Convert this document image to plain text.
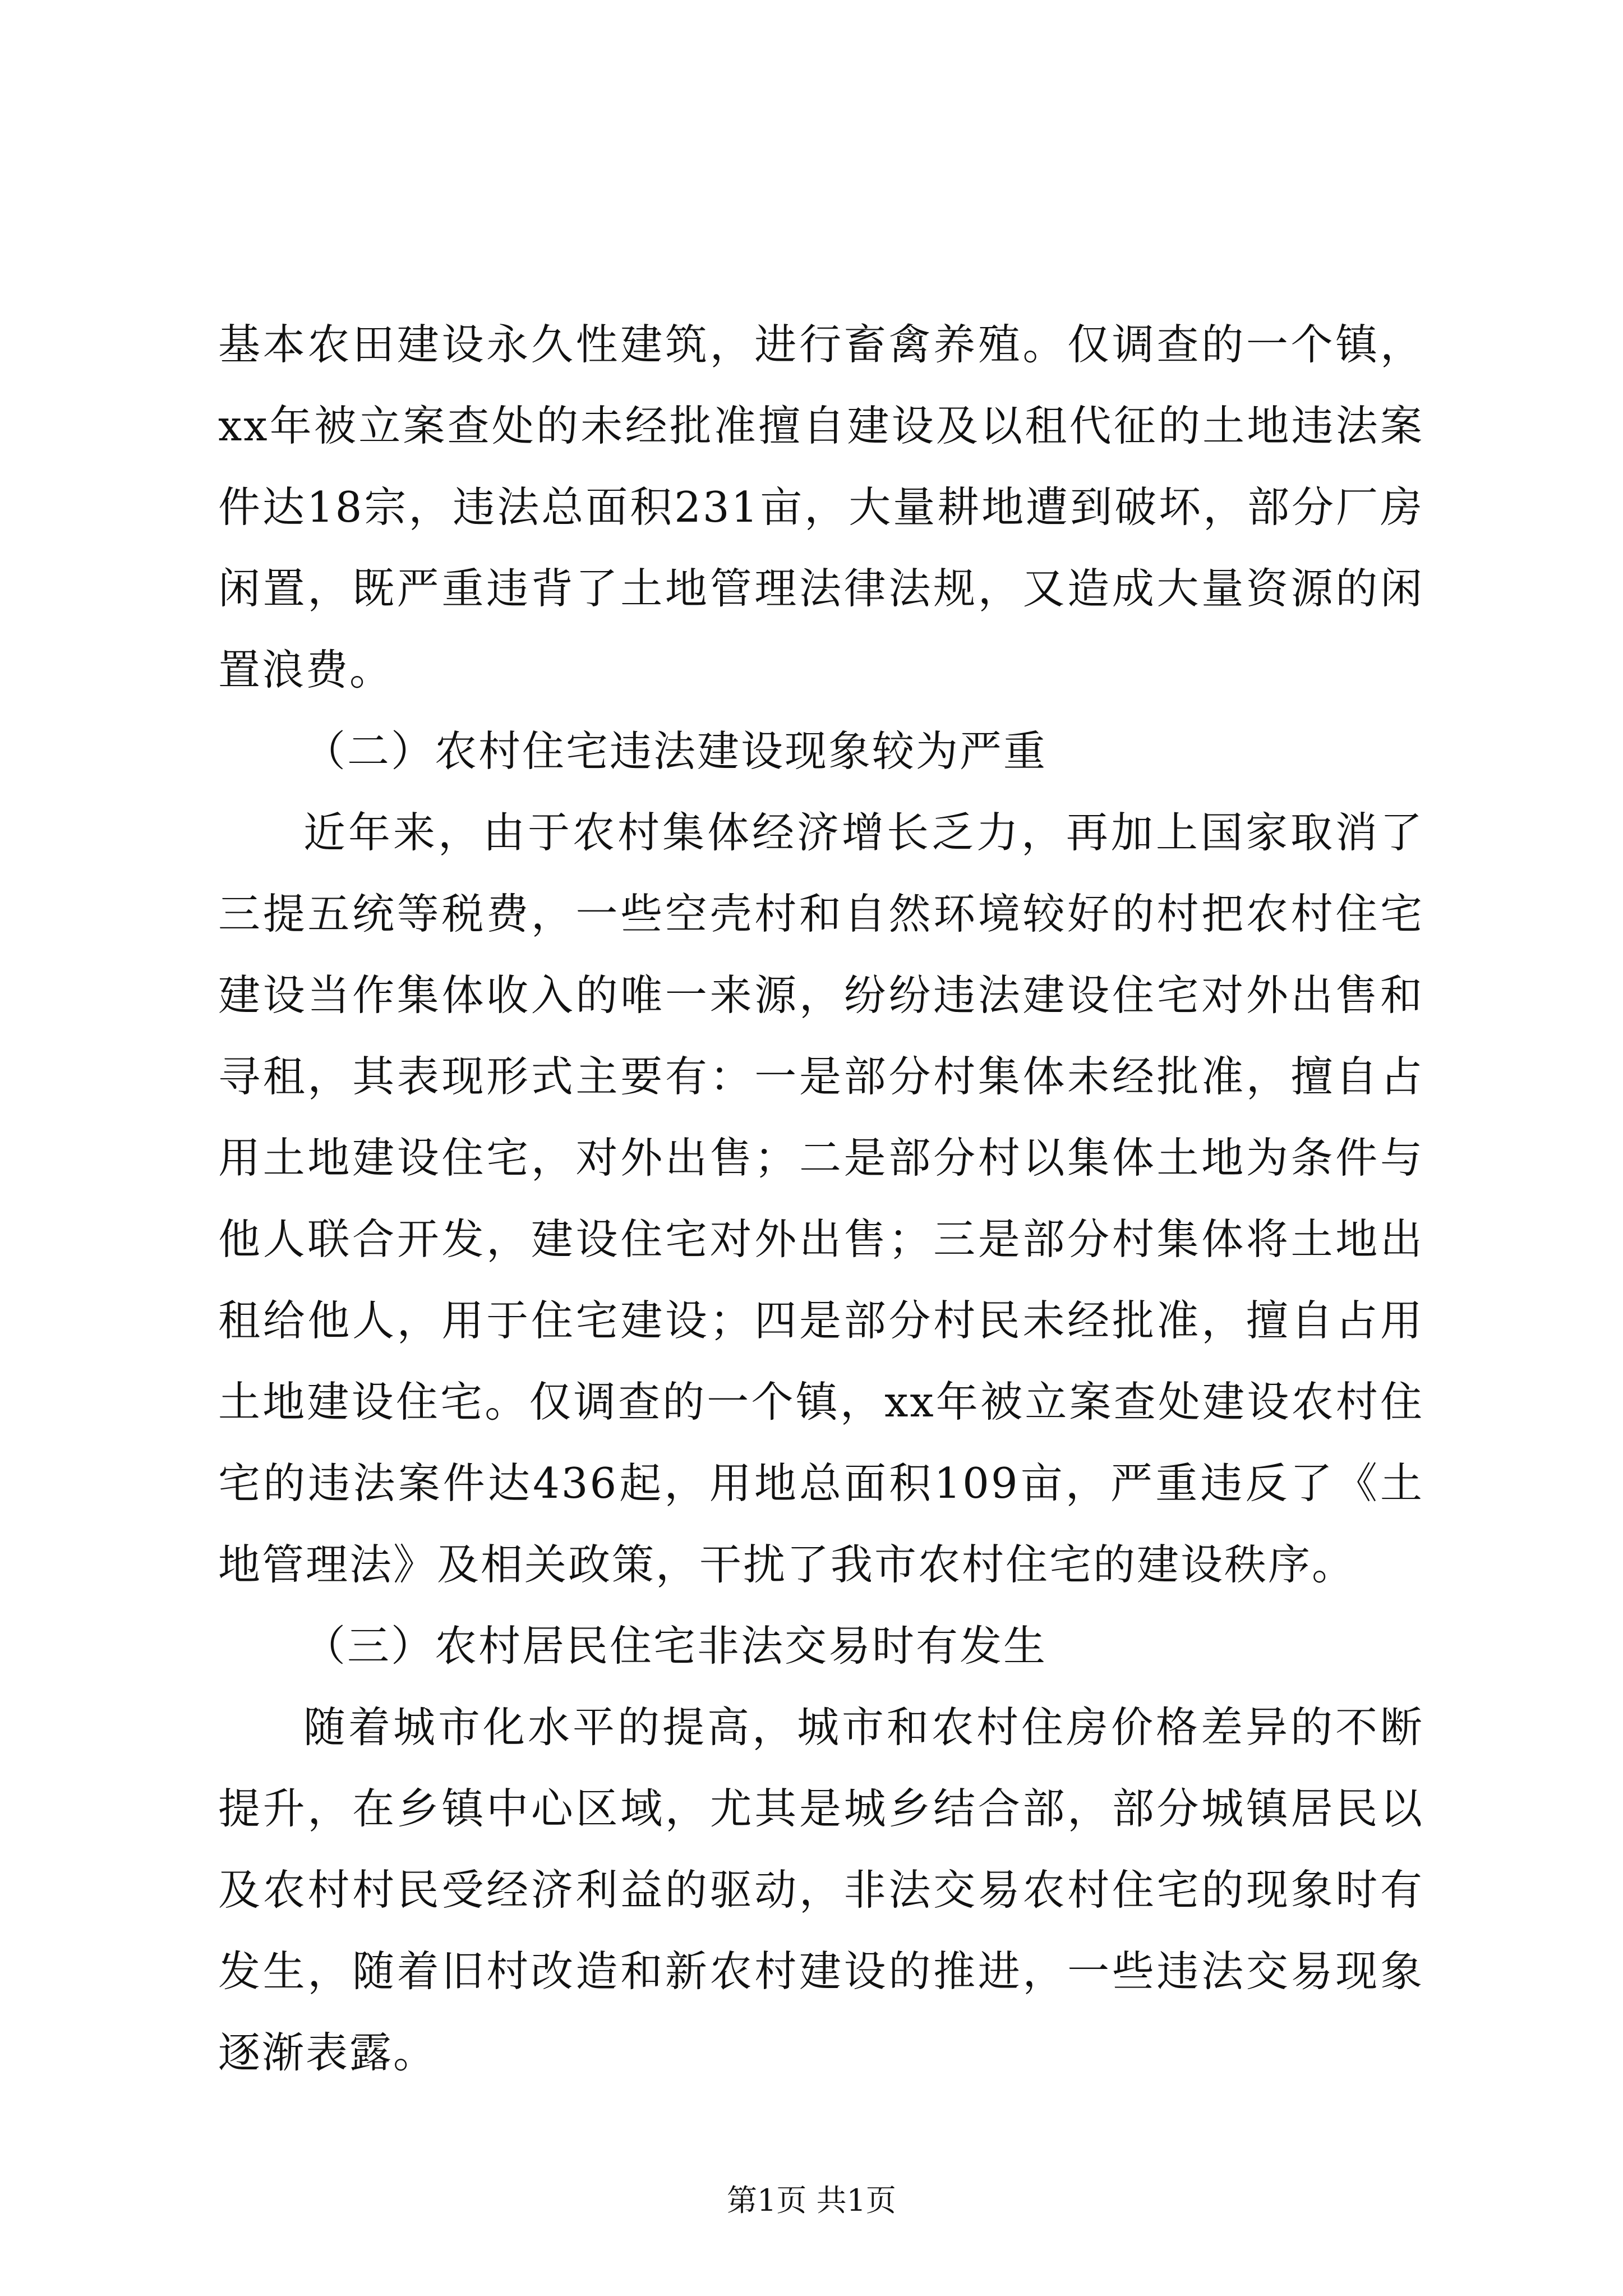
基本农田建设永久性建筑，进行畜禽养殖。仅调查的一个镇，xx年被立案查处的未经批准擅自建设及以租代征的土地违法案件达18宗，违法总面积231亩，大量耕地遭到破坏，部分厂房闲置，既严重违背了土地管理法律法规，又造成大量资源的闲置浪费。

（二）农村住宅违法建设现象较为严重

近年来，由于农村集体经济增长乏力，再加上国家取消了三提五统等税费，一些空壳村和自然环境较好的村把农村住宅建设当作集体收入的唯一来源，纷纷违法建设住宅对外出售和寻租，其表现形式主要有：一是部分村集体未经批准，擅自占用土地建设住宅，对外出售；二是部分村以集体土地为条件与他人联合开发，建设住宅对外出售；三是部分村集体将土地出租给他人，用于住宅建设；四是部分村民未经批准，擅自占用土地建设住宅。仅调查的一个镇，xx年被立案查处建设农村住宅的违法案件达436起，用地总面积109亩，严重违反了《土地管理法》及相关政策，干扰了我市农村住宅的建设秩序。

（三）农村居民住宅非法交易时有发生

随着城市化水平的提高，城市和农村住房价格差异的不断提升，在乡镇中心区域，尤其是城乡结合部，部分城镇居民以及农村村民受经济利益的驱动，非法交易农村住宅的现象时有发生，随着旧村改造和新农村建设的推进，一些违法交易现象逐渐表露。

第1页 共1页
